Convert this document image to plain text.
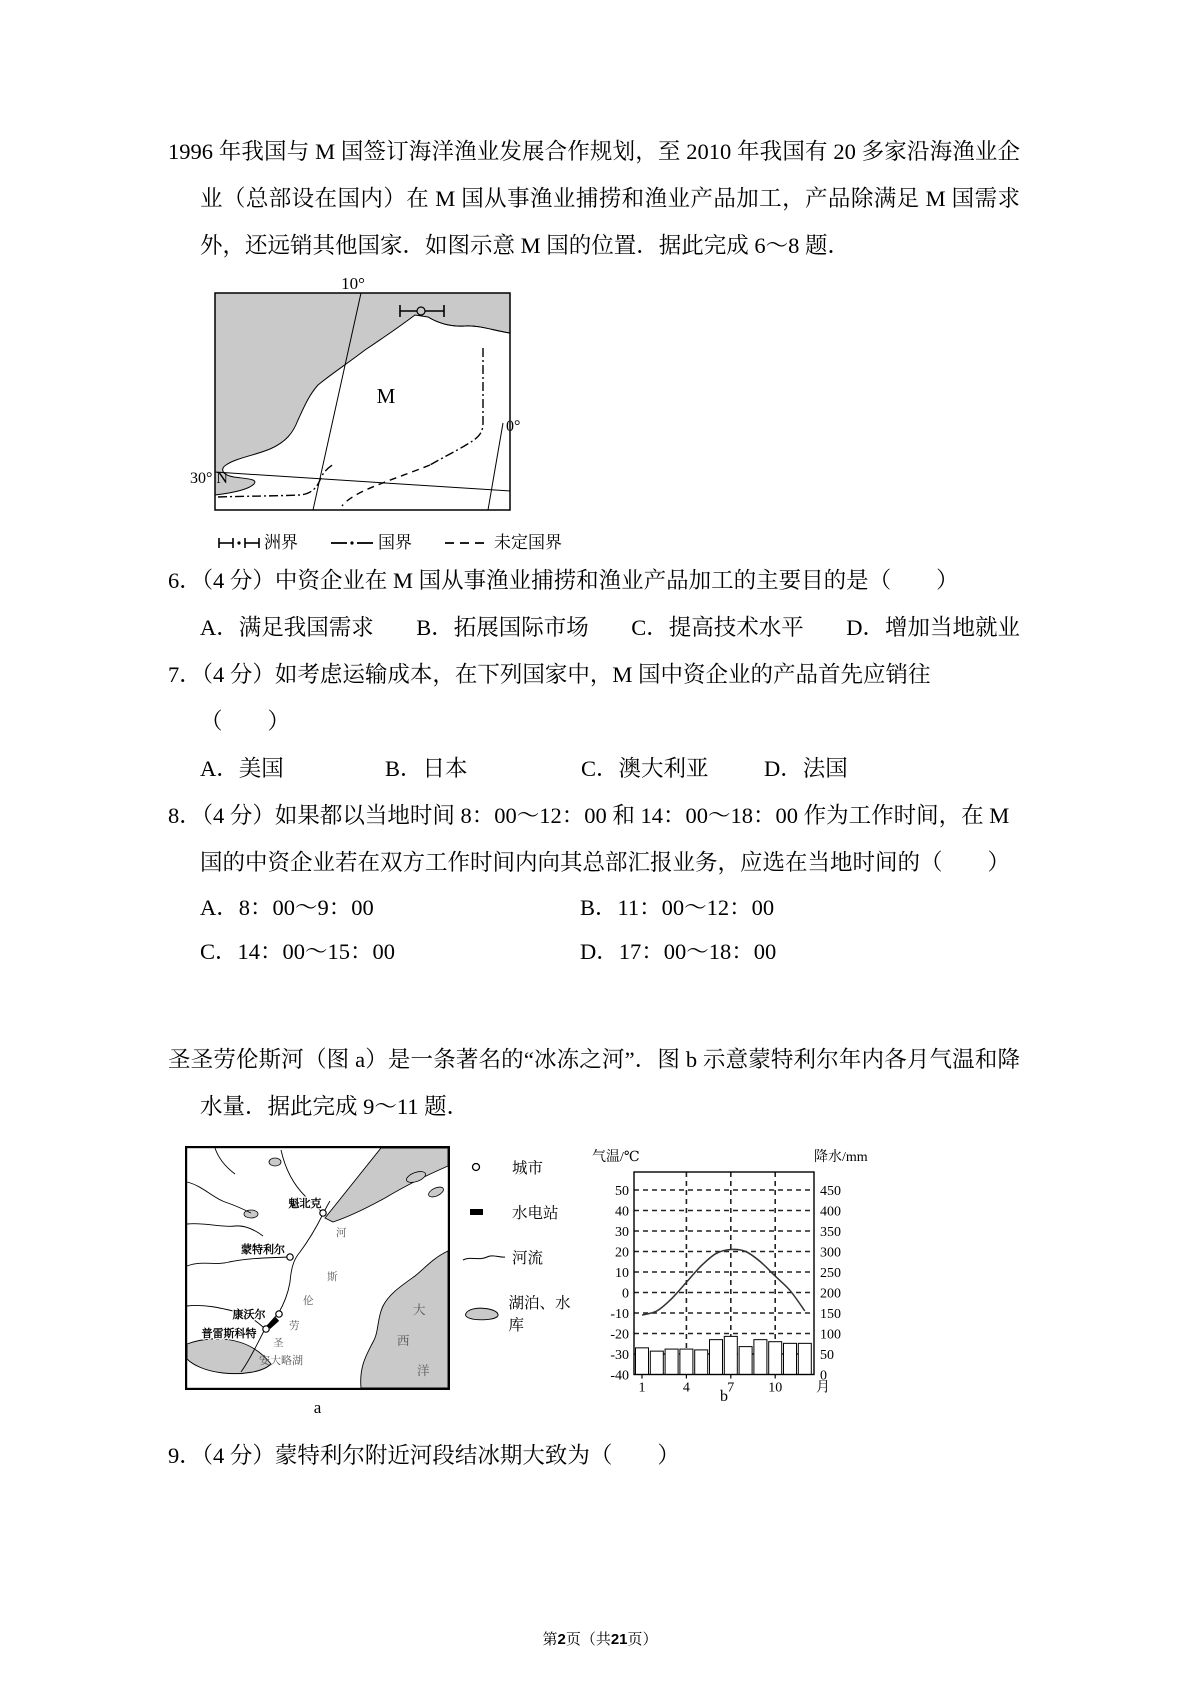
1996 年我国与 M 国签订海洋渔业发展合作规划，至 2010 年我国有 20 多家沿海渔业企业（总部设在国内）在 M 国从事渔业捕捞和渔业产品加工，产品除满足 M 国需求外，还远销其他国家．如图示意 M 国的位置．据此完成 6～8 题．
10°
30° N
0°
M
洲界	国界	未定国界
6．（4 分）中资企业在 M 国从事渔业捕捞和渔业产品加工的主要目的是（　　）
A．满足我国需求 B．拓展国际市场 C．提高技术水平 D．增加当地就业
7．（4 分）如考虑运输成本，在下列国家中，M 国中资企业的产品首先应销往
（　　）
A．美国	B．日本	C．澳大利亚	D．法国
8．（4 分）如果都以当地时间 8：00～12：00 和 14：00～18：00 作为工作时间，在 M 国的中资企业若在双方工作时间内向其总部汇报业务，应选在当地时间的（　　）
A．8：00～9：00	B．11：00～12：00
C．14：00～15：00	D．17：00～18：00
圣圣劳伦斯河（图 a）是一条著名的“冰冻之河”．图 b 示意蒙特利尔年内各月气温和降水量．据此完成 9～11 题．
魁北克
蒙特利尔
康沃尔
普雷斯科特
河
斯
伦
劳
圣
安大略湖
大
西
洋
a
城市
水电站
河流
湖泊、水库
气温/℃	降水/mm
50
40
30
20
10
0
-10
-20
-30
-40
450
400
350
300
250
200
150
100
50
0
1	4	7 10 月
b
9．（4 分）蒙特利尔附近河段结冰期大致为（　　）
第2页（共21页）
